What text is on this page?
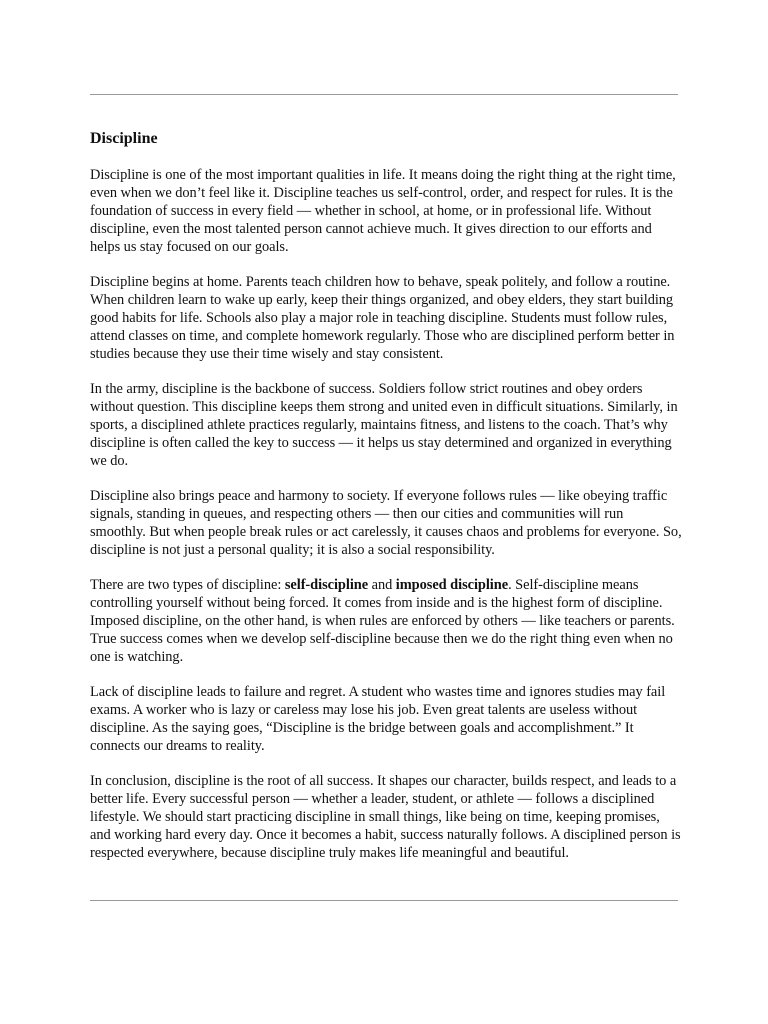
Discipline

Discipline is one of the most important qualities in life. It means doing the right thing at the right time, even when we don’t feel like it. Discipline teaches us self-control, order, and respect for rules. It is the foundation of success in every field — whether in school, at home, or in professional life. Without discipline, even the most talented person cannot achieve much. It gives direction to our efforts and helps us stay focused on our goals.

Discipline begins at home. Parents teach children how to behave, speak politely, and follow a routine. When children learn to wake up early, keep their things organized, and obey elders, they start building good habits for life. Schools also play a major role in teaching discipline. Students must follow rules, attend classes on time, and complete homework regularly. Those who are disciplined perform better in studies because they use their time wisely and stay consistent.

In the army, discipline is the backbone of success. Soldiers follow strict routines and obey orders without question. This discipline keeps them strong and united even in difficult situations. Similarly, in sports, a disciplined athlete practices regularly, maintains fitness, and listens to the coach. That’s why discipline is often called the key to success — it helps us stay determined and organized in everything we do.

Discipline also brings peace and harmony to society. If everyone follows rules — like obeying traffic signals, standing in queues, and respecting others — then our cities and communities will run smoothly. But when people break rules or act carelessly, it causes chaos and problems for everyone. So, discipline is not just a personal quality; it is also a social responsibility.

There are two types of discipline: self-discipline and imposed discipline. Self-discipline means controlling yourself without being forced. It comes from inside and is the highest form of discipline. Imposed discipline, on the other hand, is when rules are enforced by others — like teachers or parents. True success comes when we develop self-discipline because then we do the right thing even when no one is watching.

Lack of discipline leads to failure and regret. A student who wastes time and ignores studies may fail exams. A worker who is lazy or careless may lose his job. Even great talents are useless without discipline. As the saying goes, “Discipline is the bridge between goals and accomplishment.” It connects our dreams to reality.

In conclusion, discipline is the root of all success. It shapes our character, builds respect, and leads to a better life. Every successful person — whether a leader, student, or athlete — follows a disciplined lifestyle. We should start practicing discipline in small things, like being on time, keeping promises, and working hard every day. Once it becomes a habit, success naturally follows. A disciplined person is respected everywhere, because discipline truly makes life meaningful and beautiful.
